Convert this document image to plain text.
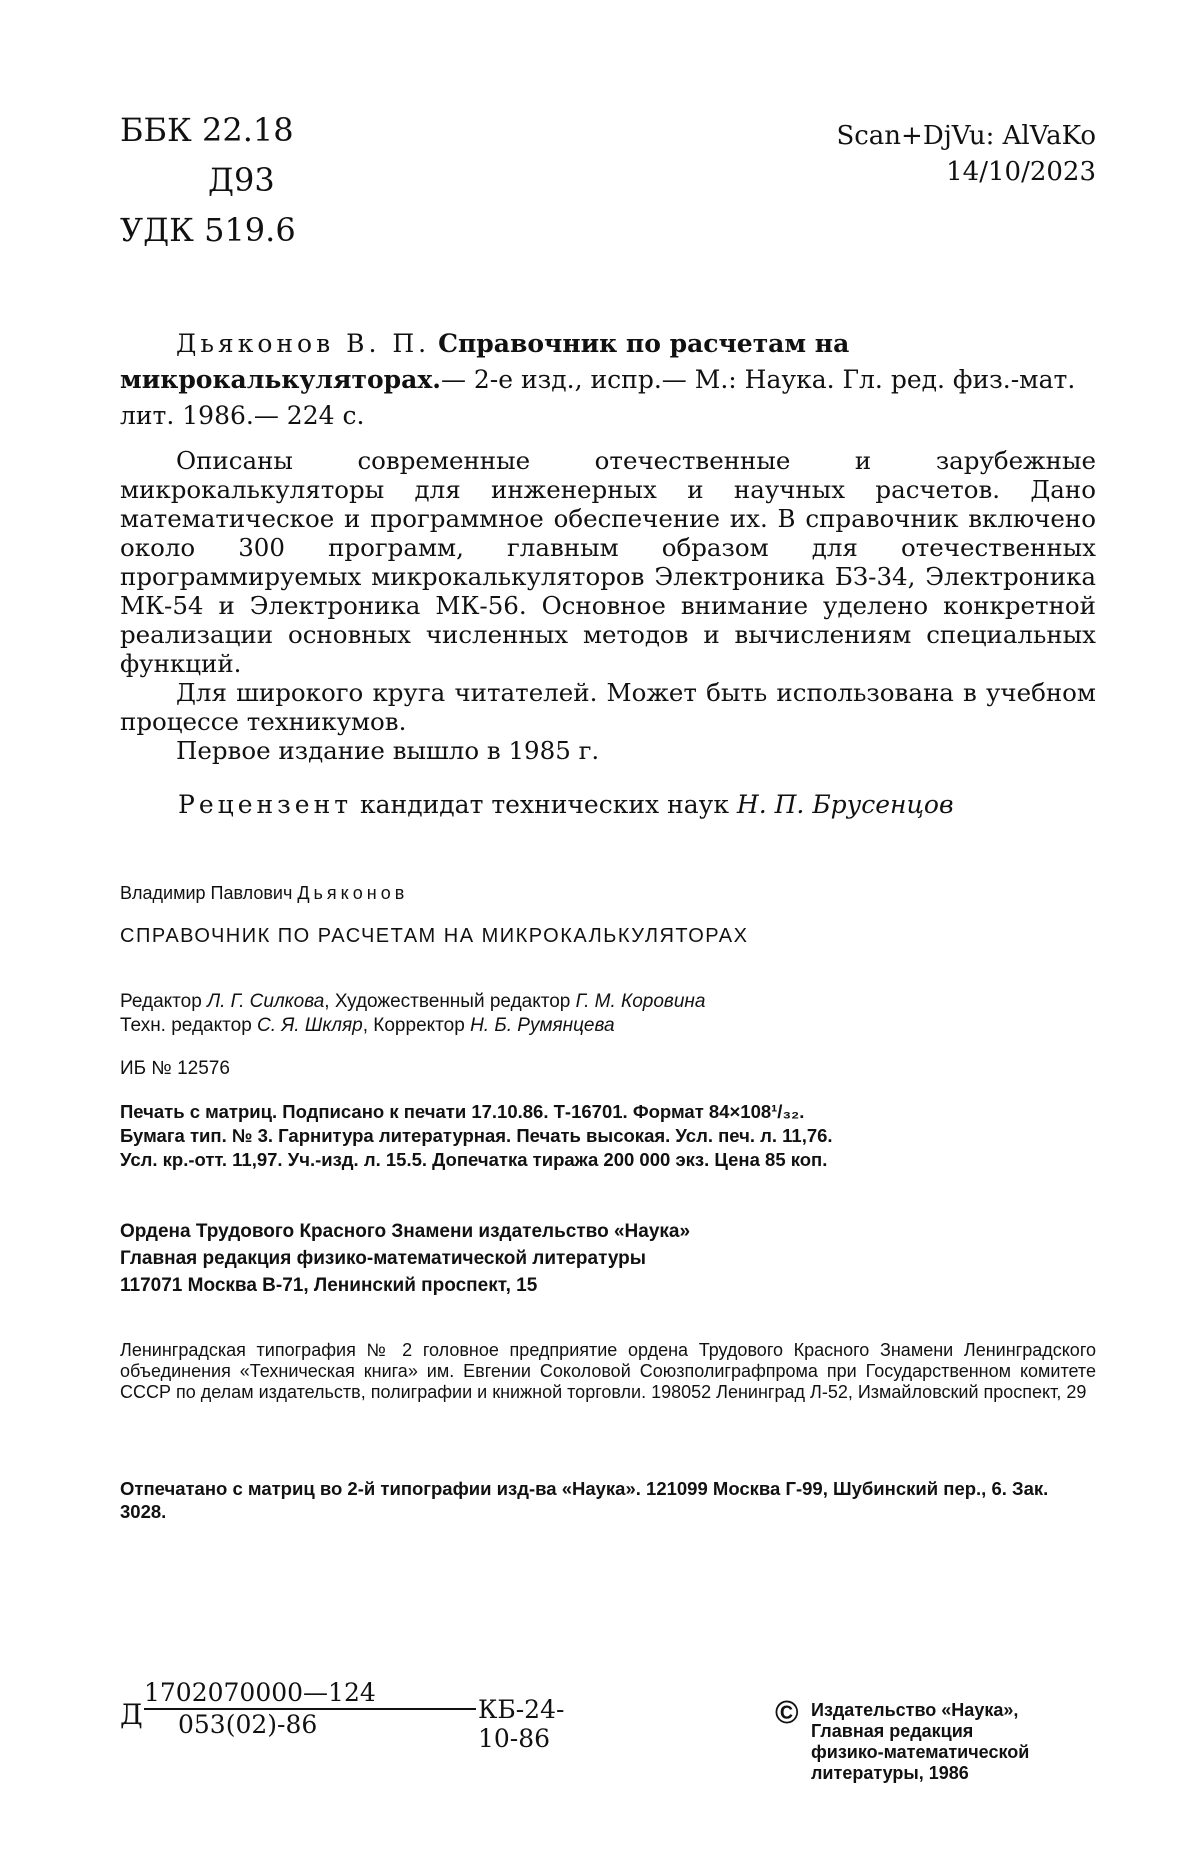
ББК 22.18
Д93
УДК 519.6
Scan+DjVu: AlVaKo
14/10/2023

Дьяконов В. П. Справочник по расчетам на микрокалькуляторах.— 2-е изд., испр.— М.: Наука. Гл. ред. физ.-мат. лит. 1986.— 224 с.

Описаны современные отечественные и зарубежные микрокалькуляторы для инженерных и научных расчетов. Дано математическое и программное обеспечение их. В справочник включено около 300 программ, главным образом для отечественных программируемых микрокалькуляторов Электроника БЗ-34, Электроника МК-54 и Электроника МК-56. Основное внимание уделено конкретной реализации основных численных методов и вычислениям специальных функций.

Для широкого круга читателей. Может быть использована в учебном процессе техникумов.

Первое издание вышло в 1985 г.

Рецензент кандидат технических наук Н. П. Брусенцов
Владимир Павлович Дьяконов
СПРАВОЧНИК ПО РАСЧЕТАМ НА МИКРОКАЛЬКУЛЯТОРАХ
Редактор Л. Г. Силкова, Художественный редактор Г. М. Коровина
Техн. редактор С. Я. Шкляр, Корректор Н. Б. Румянцева
ИБ № 12576
Печать с матриц. Подписано к печати 17.10.86. Т-16701. Формат 84×108¹/₃₂.
Бумага тип. № 3. Гарнитура литературная. Печать высокая. Усл. печ. л. 11,76.
Усл. кр.-отт. 11,97. Уч.-изд. л. 15.5. Допечатка тиража 200 000 экз. Цена 85 коп.
Ордена Трудового Красного Знамени издательство «Наука»
Главная редакция физико-математической литературы
117071 Москва В-71, Ленинский проспект, 15
Ленинградская типография № 2 головное предприятие ордена Трудового Красного Знамени Ленинградского объединения «Техническая книга» им. Евгении Соколовой Союзполиграфпрома при Государственном комитете СССР по делам издательств, полиграфии и книжной торговли. 198052 Ленинград Л-52, Измайловский проспект, 29
Отпечатано с матриц во 2-й типографии изд-ва «Наука». 121099 Москва Г-99, Шубинский пер., 6. Зак. 3028.
Д
1702070000—124
053(02)-86
КБ-24-10-86
© Издательство «Наука»,
Главная редакция
физико-математической
литературы, 1986
